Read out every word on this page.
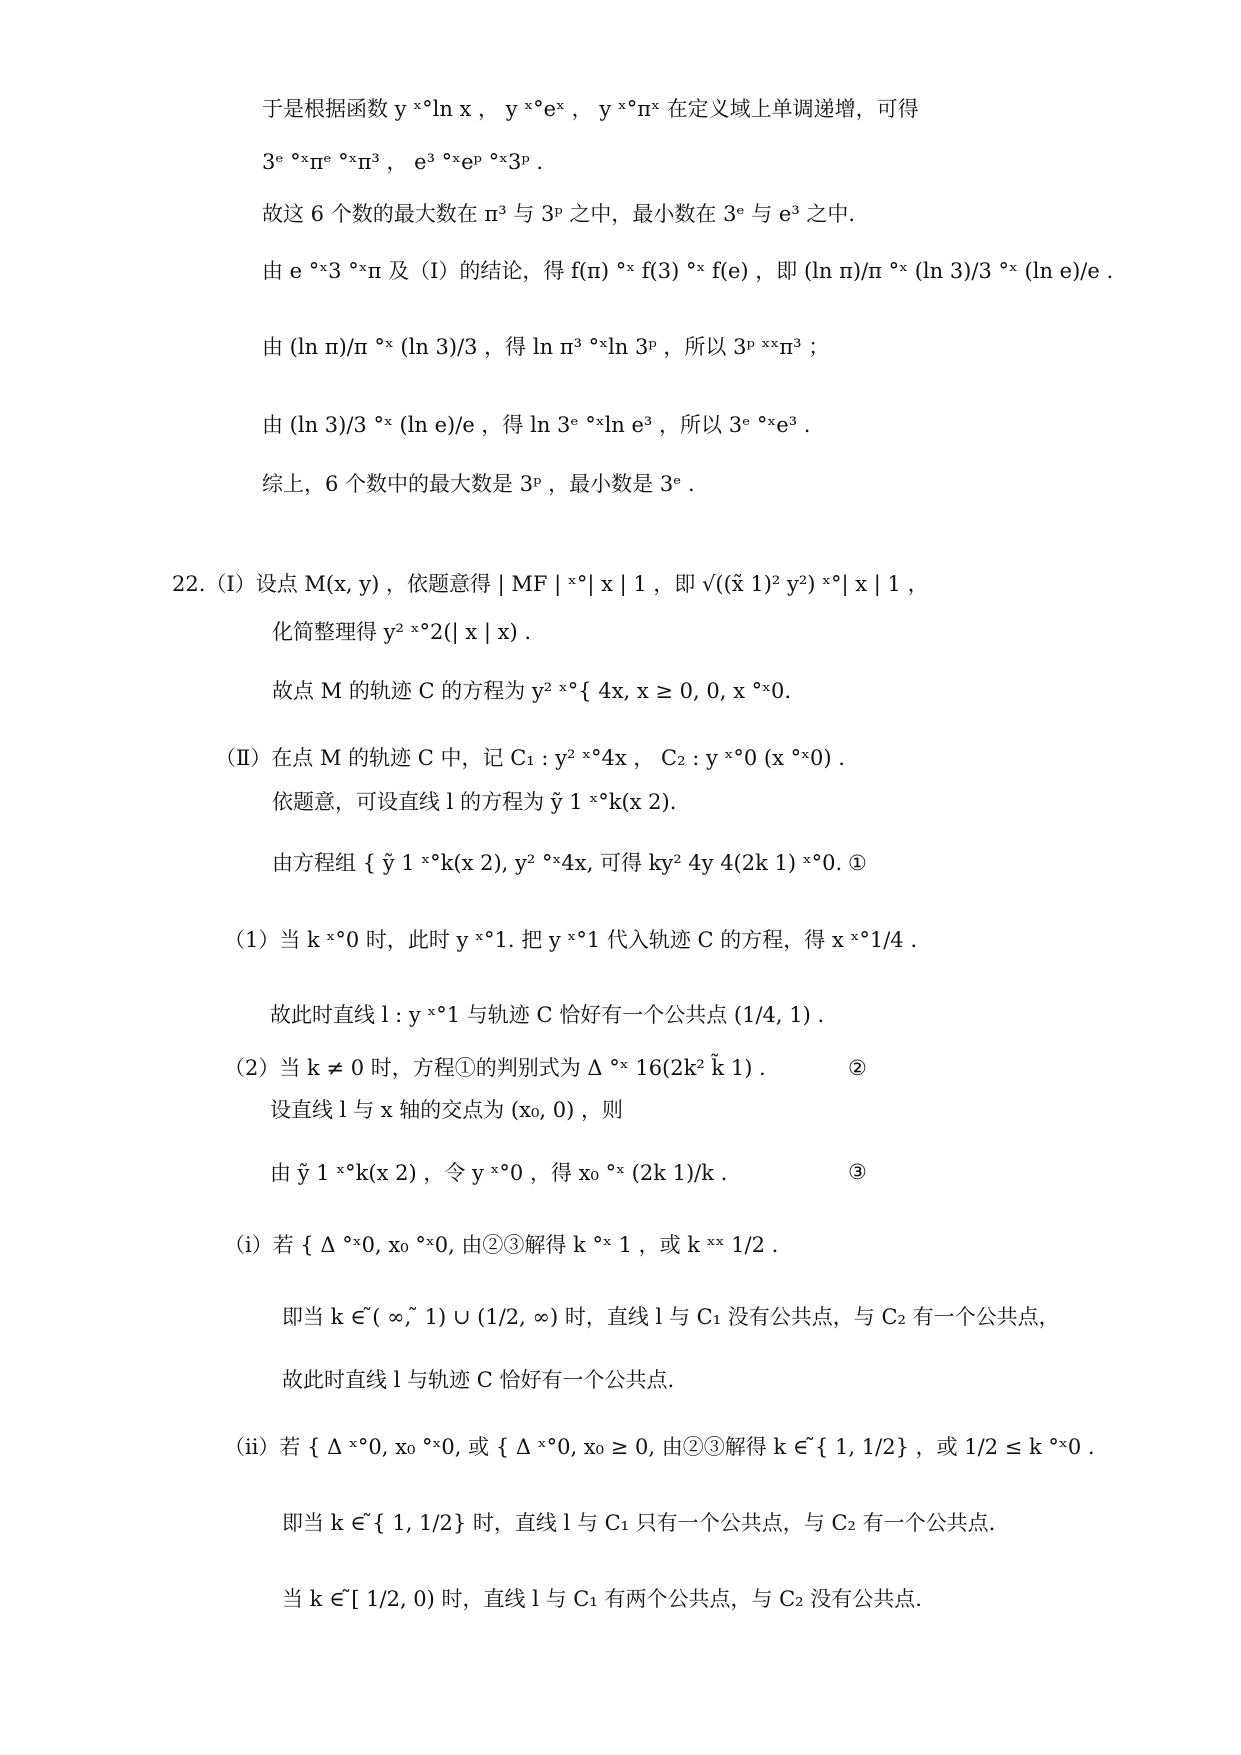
于是根据函数 y ˣ°ln x ， y ˣ°eˣ ， y ˣ°πˣ 在定义域上单调递增，可得
3ᵉ °ˣπᵉ °ˣπ³ ， e³ °ˣeᵖ °ˣ3ᵖ .
故这 6 个数的最大数在 π³ 与 3ᵖ 之中，最小数在 3ᵉ 与 e³ 之中.
由 e °ˣ3 °ˣπ 及（Ⅰ）的结论，得 f(π) °ˣ f(3) °ˣ f(e) ，即 (ln π)/π °ˣ (ln 3)/3 °ˣ (ln e)/e .
由 (ln π)/π °ˣ (ln 3)/3 ，得 ln π³ °ˣln 3ᵖ ，所以 3ᵖ ˣˣπ³ ；
由 (ln 3)/3 °ˣ (ln e)/e ，得 ln 3ᵉ °ˣln e³ ，所以 3ᵉ °ˣe³ .
综上，6 个数中的最大数是 3ᵖ ，最小数是 3ᵉ .
22.（Ⅰ）设点 M(x, y) ，依题意得 | MF | ˣ°| x | 1 ，即 √((x̃ 1)² y²) ˣ°| x | 1 ，
化简整理得 y² ˣ°2(| x | x) .
故点 M 的轨迹 C 的方程为 y² ˣ°{ 4x, x ≥ 0, 0, x °ˣ0.
（Ⅱ）在点 M 的轨迹 C 中，记 C₁ : y² ˣ°4x ， C₂ : y ˣ°0 (x °ˣ0) .
依题意，可设直线 l 的方程为 ỹ 1 ˣ°k(x 2).
由方程组 { ỹ 1 ˣ°k(x 2), y² °ˣ4x, 可得 ky² 4y 4(2k 1) ˣ°0. ①
（1）当 k ˣ°0 时，此时 y ˣ°1. 把 y ˣ°1 代入轨迹 C 的方程，得 x ˣ°1/4 .
故此时直线 l : y ˣ°1 与轨迹 C 恰好有一个公共点 (1/4, 1) .
（2）当 k ≠ 0 时，方程①的判别式为 Δ °ˣ 16(2k² k̃ 1) .	②
设直线 l 与 x 轴的交点为 (x₀, 0) ，则
由 ỹ 1 ˣ°k(x 2) ，令 y ˣ°0 ，得 x₀ °ˣ (2k 1)/k .	③
（ⅰ）若 { Δ °ˣ0, x₀ °ˣ0, 由②③解得 k °ˣ 1 ，或 k ˣˣ 1/2 .
即当 k ∈ ̃( ∞, ̃ 1) ∪ (1/2, ∞) 时，直线 l 与 C₁ 没有公共点，与 C₂ 有一个公共点，
故此时直线 l 与轨迹 C 恰好有一个公共点.
（ⅱ）若 { Δ ˣ°0, x₀ °ˣ0, 或 { Δ ˣ°0, x₀ ≥ 0, 由②③解得 k ∈ ̃{ 1, 1/2} ，或 1/2 ≤ k °ˣ0 .
即当 k ∈ ̃{ 1, 1/2} 时，直线 l 与 C₁ 只有一个公共点，与 C₂ 有一个公共点.
当 k ∈ ̃[ 1/2, 0) 时，直线 l 与 C₁ 有两个公共点，与 C₂ 没有公共点.
